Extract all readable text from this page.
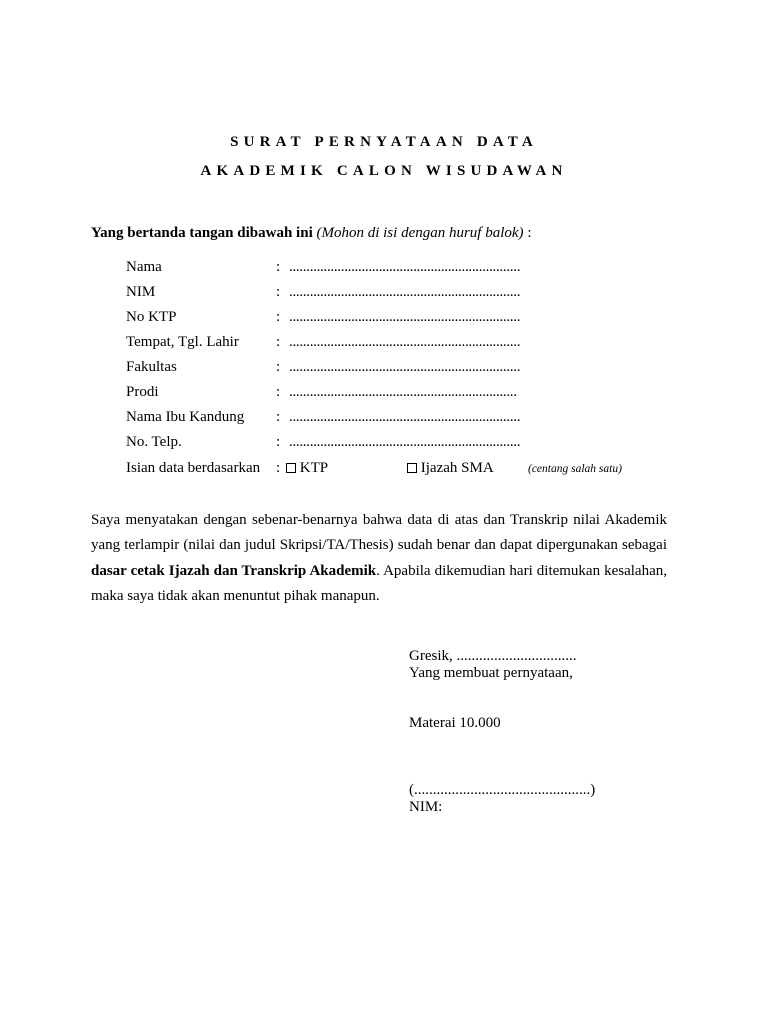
SURAT PERNYATAAN DATA
AKADEMIK CALON WISUDAWAN
Yang bertanda tangan dibawah ini (Mohon di isi dengan huruf balok) :
Nama	: ...................................................................
NIM	: ...................................................................
No KTP	: ...................................................................
Tempat, Tgl. Lahir : ...................................................................
Fakultas	: ...................................................................
Prodi	: ..................................................................
Nama Ibu Kandung : ...................................................................
No. Telp.	: ...................................................................
Isian data berdasarkan :	KTP	Ijazah SMA	(centang salah satu)
Saya menyatakan dengan sebenar-benarnya bahwa data di atas dan Transkrip nilai Akademik yang terlampir (nilai dan judul Skripsi/TA/Thesis) sudah benar dan dapat dipergunakan sebagai dasar cetak Ijazah dan Transkrip Akademik. Apabila dikemudian hari ditemukan kesalahan, maka saya tidak akan menuntut pihak manapun.
Gresik, ................................
Yang membuat pernyataan,
Materai 10.000
(...............................................)
NIM:
